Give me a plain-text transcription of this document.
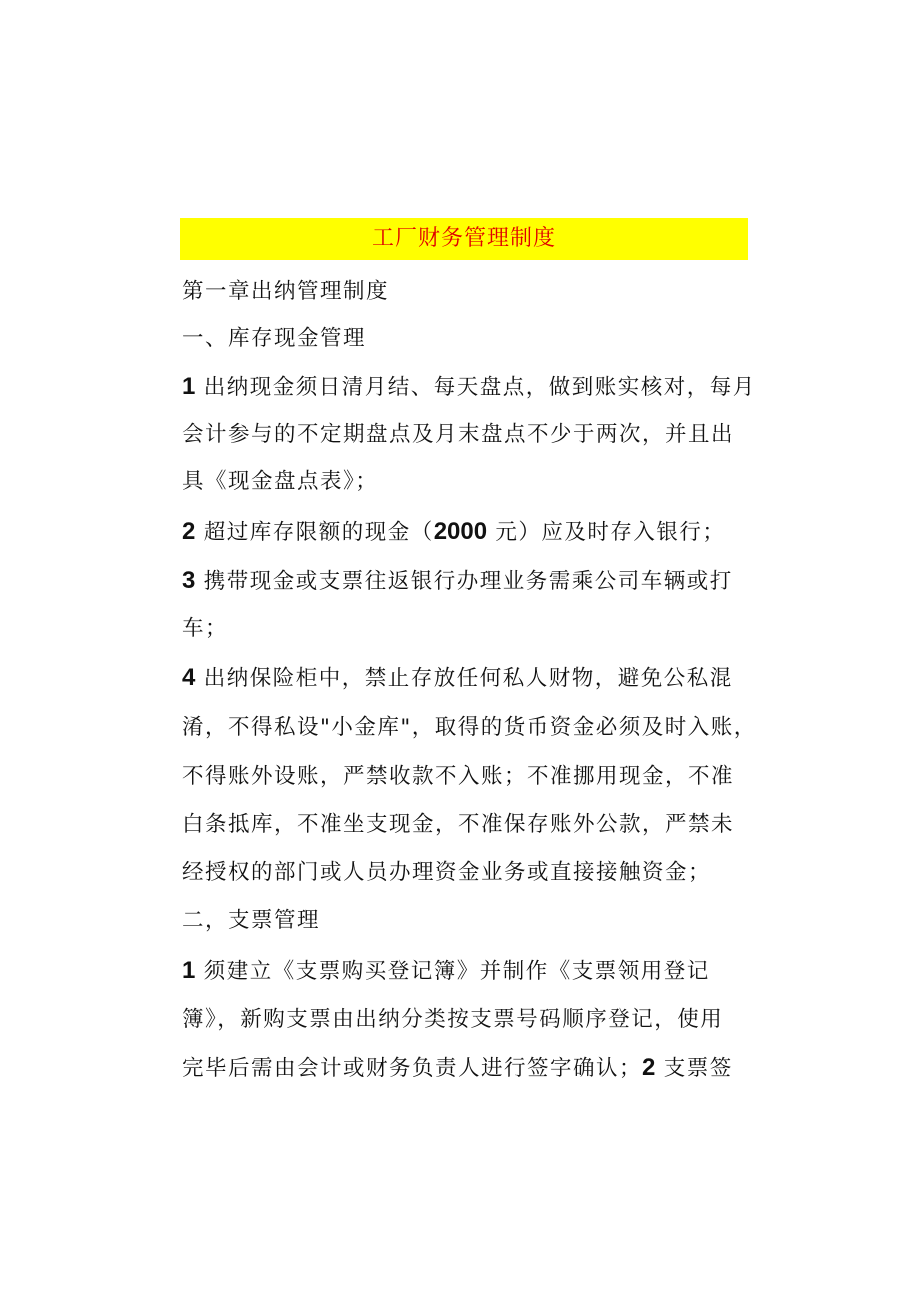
工厂财务管理制度
第一章出纳管理制度
一、库存现金管理
1 出纳现金须日清月结、每天盘点，做到账实核对，每月
会计参与的不定期盘点及月末盘点不少于两次，并且出
具《现金盘点表》；
2 超过库存限额的现金（2000 元）应及时存入银行；
3 携带现金或支票往返银行办理业务需乘公司车辆或打
车；
4 出纳保险柜中，禁止存放任何私人财物，避免公私混
淆，不得私设"小金库"，取得的货币资金必须及时入账，
不得账外设账，严禁收款不入账；不准挪用现金，不准
白条抵库，不准坐支现金，不准保存账外公款，严禁未
经授权的部门或人员办理资金业务或直接接触资金；
二，支票管理
1 须建立《支票购买登记簿》并制作《支票领用登记
簿》，新购支票由出纳分类按支票号码顺序登记，使用
完毕后需由会计或财务负责人进行签字确认；2 支票签
